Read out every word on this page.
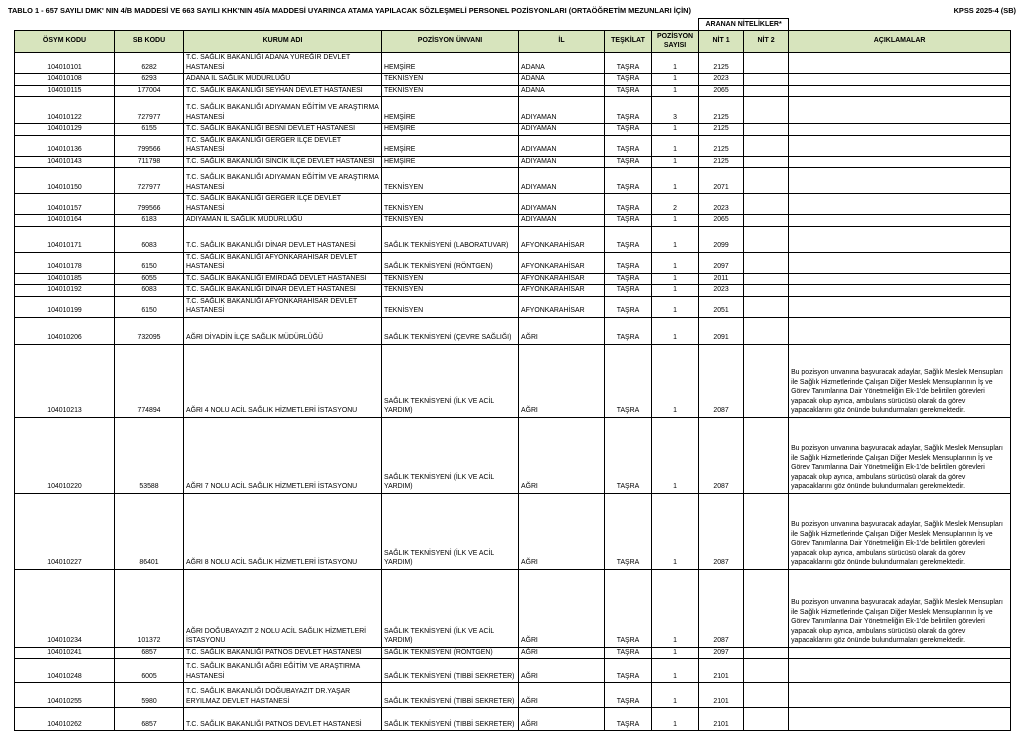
TABLO 1 - 657 SAYILI DMK' NIN 4/B MADDESİ VE 663 SAYILI KHK'NIN 45/A MADDESİ UYARINCA ATAMA YAPILACAK SÖZLEŞMELİ PERSONEL POZİSYONLARI (ORTAÖĞRETİM MEZUNLARI İÇİN)	KPSS 2025-4 (SB)
							ARANAN NİTELİKLER*		
ÖSYM KODU	SB KODU	KURUM ADI	POZİSYON ÜNVANI	İL	TEŞKİLAT	POZİSYON SAYISI	NİT 1	NİT 2	AÇIKLAMALAR
104010101	6282	T.C. SAĞLIK BAKANLIĞI ADANA YÜREĞİR DEVLET HASTANESİ	HEMŞİRE	ADANA	TAŞRA	1	2125		
104010108	6293	ADANA İL SAĞLIK MÜDÜRLÜĞÜ	TEKNİSYEN	ADANA	TAŞRA	1	2023		
104010115	177004	T.C. SAĞLIK BAKANLIĞI SEYHAN DEVLET HASTANESİ	TEKNİSYEN	ADANA	TAŞRA	1	2065		
104010122	727977	T.C. SAĞLIK BAKANLIĞI ADIYAMAN EĞİTİM VE ARAŞTIRMA HASTANESİ	HEMŞİRE	ADIYAMAN	TAŞRA	3	2125		
104010129	6155	T.C. SAĞLIK BAKANLIĞI BESNİ DEVLET HASTANESİ	HEMŞİRE	ADIYAMAN	TAŞRA	1	2125		
104010136	799566	T.C. SAĞLIK BAKANLIĞI GERGER İLÇE DEVLET HASTANESİ	HEMŞİRE	ADIYAMAN	TAŞRA	1	2125		
104010143	711798	T.C. SAĞLIK BAKANLIĞI SİNCİK İLÇE DEVLET HASTANESİ	HEMŞİRE	ADIYAMAN	TAŞRA	1	2125		
104010150	727977	T.C. SAĞLIK BAKANLIĞI ADIYAMAN EĞİTİM VE ARAŞTIRMA HASTANESİ	TEKNİSYEN	ADIYAMAN	TAŞRA	1	2071		
104010157	799566	T.C. SAĞLIK BAKANLIĞI GERGER İLÇE DEVLET HASTANESİ	TEKNİSYEN	ADIYAMAN	TAŞRA	2	2023		
104010164	6183	ADIYAMAN İL SAĞLIK MÜDÜRLÜĞÜ	TEKNİSYEN	ADIYAMAN	TAŞRA	1	2065		
104010171	6083	T.C. SAĞLIK BAKANLIĞI DİNAR DEVLET HASTANESİ	SAĞLIK TEKNİSYENİ (LABORATUVAR)	AFYONKARAHİSAR	TAŞRA	1	2099		
104010178	6150	T.C. SAĞLIK BAKANLIĞI AFYONKARAHİSAR DEVLET HASTANESİ	SAĞLIK TEKNİSYENİ (RÖNTGEN)	AFYONKARAHİSAR	TAŞRA	1	2097		
104010185	6055	T.C. SAĞLIK BAKANLIĞI EMİRDAĞ DEVLET HASTANESİ	TEKNİSYEN	AFYONKARAHİSAR	TAŞRA	1	2011		
104010192	6083	T.C. SAĞLIK BAKANLIĞI DİNAR DEVLET HASTANESİ	TEKNİSYEN	AFYONKARAHİSAR	TAŞRA	1	2023		
104010199	6150	T.C. SAĞLIK BAKANLIĞI AFYONKARAHİSAR DEVLET HASTANESİ	TEKNİSYEN	AFYONKARAHİSAR	TAŞRA	1	2051		
104010206	732095	AĞRI DİYADİN İLÇE SAĞLIK MÜDÜRLÜĞÜ	SAĞLIK TEKNİSYENİ (ÇEVRE SAĞLIĞI)	AĞRI	TAŞRA	1	2091		
104010213	774894	AĞRI 4 NOLU ACİL SAĞLIK HİZMETLERİ İSTASYONU	SAĞLIK TEKNİSYENİ (İLK VE ACİL YARDIM)	AĞRI	TAŞRA	1	2087		Bu pozisyon unvanına başvuracak adaylar, Sağlık Meslek Mensupları ile Sağlık Hizmetlerinde Çalışan Diğer Meslek Mensuplarının İş ve Görev Tanımlarına Dair Yönetmeliğin Ek-1'de belirtilen görevleri yapacak olup ayrıca, ambulans sürücüsü olarak da görev yapacaklarını göz önünde bulundurmaları gerekmektedir.
104010220	53588	AĞRI 7 NOLU ACİL SAĞLIK HİZMETLERİ İSTASYONU	SAĞLIK TEKNİSYENİ (İLK VE ACİL YARDIM)	AĞRI	TAŞRA	1	2087		Bu pozisyon unvanına başvuracak adaylar, Sağlık Meslek Mensupları ile Sağlık Hizmetlerinde Çalışan Diğer Meslek Mensuplarının İş ve Görev Tanımlarına Dair Yönetmeliğin Ek-1'de belirtilen görevleri yapacak olup ayrıca, ambulans sürücüsü olarak da görev yapacaklarını göz önünde bulundurmaları gerekmektedir.
104010227	86401	AĞRI 8 NOLU ACİL SAĞLIK HİZMETLERİ İSTASYONU	SAĞLIK TEKNİSYENİ (İLK VE ACİL YARDIM)	AĞRI	TAŞRA	1	2087		Bu pozisyon unvanına başvuracak adaylar, Sağlık Meslek Mensupları ile Sağlık Hizmetlerinde Çalışan Diğer Meslek Mensuplarının İş ve Görev Tanımlarına Dair Yönetmeliğin Ek-1'de belirtilen görevleri yapacak olup ayrıca, ambulans sürücüsü olarak da görev yapacaklarını göz önünde bulundurmaları gerekmektedir.
104010234	101372	AĞRI DOĞUBAYAZIT 2 NOLU ACİL SAĞLIK HİZMETLERİ İSTASYONU	SAĞLIK TEKNİSYENİ (İLK VE ACİL YARDIM)	AĞRI	TAŞRA	1	2087		Bu pozisyon unvanına başvuracak adaylar, Sağlık Meslek Mensupları ile Sağlık Hizmetlerinde Çalışan Diğer Meslek Mensuplarının İş ve Görev Tanımlarına Dair Yönetmeliğin Ek-1'de belirtilen görevleri yapacak olup ayrıca, ambulans sürücüsü olarak da görev yapacaklarını göz önünde bulundurmaları gerekmektedir.
104010241	6857	T.C. SAĞLIK BAKANLIĞI PATNOS DEVLET HASTANESİ	SAĞLIK TEKNİSYENİ (RÖNTGEN)	AĞRI	TAŞRA	1	2097		
104010248	6005	T.C. SAĞLIK BAKANLIĞI AĞRI EĞİTİM VE ARAŞTIRMA HASTANESİ	SAĞLIK TEKNİSYENİ (TIBBİ SEKRETER)	AĞRI	TAŞRA	1	2101		
104010255	5980	T.C. SAĞLIK BAKANLIĞI DOĞUBAYAZIT DR.YAŞAR ERYILMAZ DEVLET HASTANESİ	SAĞLIK TEKNİSYENİ (TIBBİ SEKRETER)	AĞRI	TAŞRA	1	2101		
104010262	6857	T.C. SAĞLIK BAKANLIĞI PATNOS DEVLET HASTANESİ	SAĞLIK TEKNİSYENİ (TIBBİ SEKRETER)	AĞRI	TAŞRA	1	2101		
